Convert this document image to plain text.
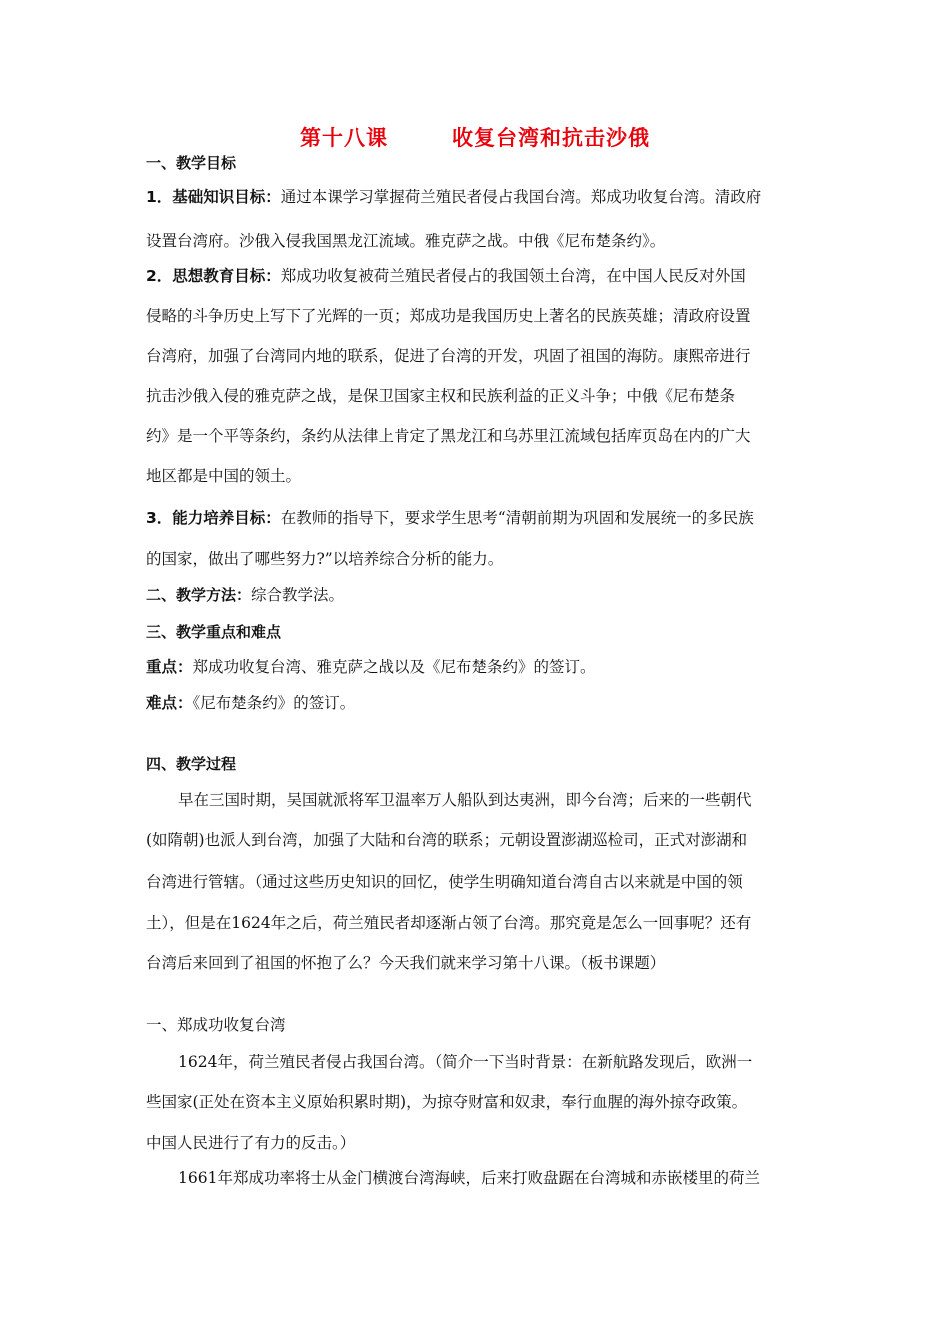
第十八课	收复台湾和抗击沙俄
一、教学目标
1．基础知识目标：通过本课学习掌握荷兰殖民者侵占我国台湾。郑成功收复台湾。清政府
设置台湾府。沙俄入侵我国黑龙江流域。雅克萨之战。中俄《尼布楚条约》。
2．思想教育目标：郑成功收复被荷兰殖民者侵占的我国领土台湾，在中国人民反对外国
侵略的斗争历史上写下了光辉的一页；郑成功是我国历史上著名的民族英雄；清政府设置
台湾府，加强了台湾同内地的联系，促进了台湾的开发，巩固了祖国的海防。康熙帝进行
抗击沙俄入侵的雅克萨之战，是保卫国家主权和民族利益的正义斗争；中俄《尼布楚条
约》是一个平等条约，条约从法律上肯定了黑龙江和乌苏里江流域包括库页岛在内的广大
地区都是中国的领土。
3．能力培养目标：在教师的指导下，要求学生思考“清朝前期为巩固和发展统一的多民族
的国家，做出了哪些努力?”以培养综合分析的能力。
二、教学方法：综合教学法。
三、教学重点和难点
重点：郑成功收复台湾、雅克萨之战以及《尼布楚条约》的签订。
难点：《尼布楚条约》的签订。
四、教学过程
早在三国时期，吴国就派将军卫温率万人船队到达夷洲，即今台湾；后来的一些朝代
(如隋朝)也派人到台湾，加强了大陆和台湾的联系；元朝设置澎湖巡检司，正式对澎湖和
台湾进行管辖。（通过这些历史知识的回忆，使学生明确知道台湾自古以来就是中国的领
土），但是在1624年之后，荷兰殖民者却逐渐占领了台湾。那究竟是怎么一回事呢？还有
台湾后来回到了祖国的怀抱了么？今天我们就来学习第十八课。（板书课题）
一、郑成功收复台湾
1624年，荷兰殖民者侵占我国台湾。（简介一下当时背景：在新航路发现后，欧洲一
些国家(正处在资本主义原始积累时期)，为掠夺财富和奴隶，奉行血腥的海外掠夺政策。
中国人民进行了有力的反击。）
1661年郑成功率将士从金门横渡台湾海峡，后来打败盘踞在台湾城和赤嵌楼里的荷兰
